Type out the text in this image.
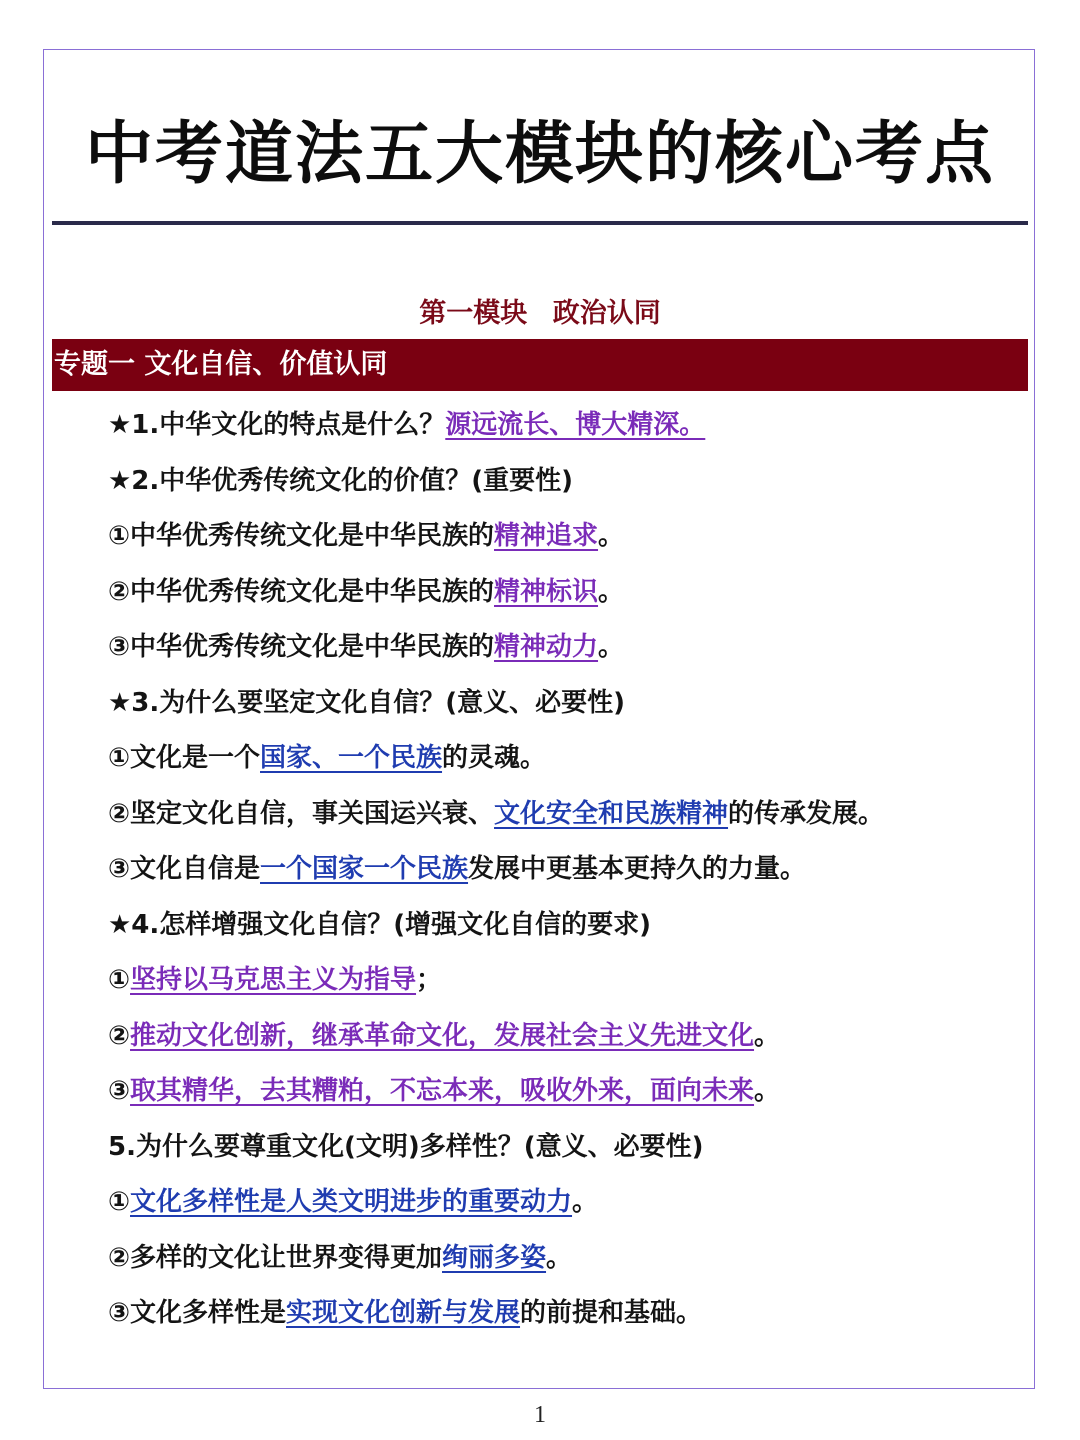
中考道法五大模块的核心考点
第一模块 政治认同
专题一 文化自信、价值认同
★1.中华文化的特点是什么？源远流长、博大精深。
★2.中华优秀传统文化的价值？(重要性)
①中华优秀传统文化是中华民族的精神追求。
②中华优秀传统文化是中华民族的精神标识。
③中华优秀传统文化是中华民族的精神动力。
★3.为什么要坚定文化自信？(意义、必要性)
①文化是一个国家、一个民族的灵魂。
②坚定文化自信，事关国运兴衰、文化安全和民族精神的传承发展。
③文化自信是一个国家一个民族发展中更基本更持久的力量。
★4.怎样增强文化自信？(增强文化自信的要求)
①坚持以马克思主义为指导；
②推动文化创新，继承革命文化，发展社会主义先进文化。
③取其精华，去其糟粕，不忘本来，吸收外来，面向未来。
5.为什么要尊重文化(文明)多样性？(意义、必要性)
①文化多样性是人类文明进步的重要动力。
②多样的文化让世界变得更加绚丽多姿。
③文化多样性是实现文化创新与发展的前提和基础。
1
